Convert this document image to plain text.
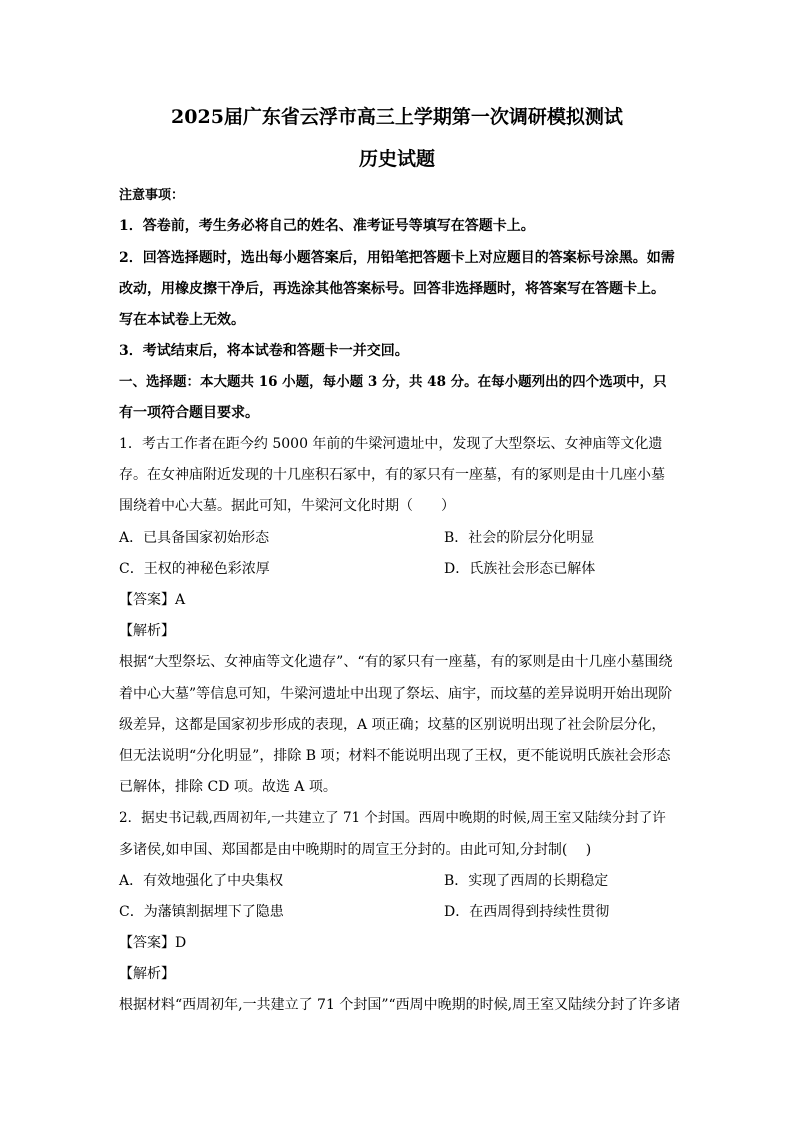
2025届广东省云浮市高三上学期第一次调研模拟测试
历史试题
注意事项：
1．答卷前，考生务必将自己的姓名、准考证号等填写在答题卡上。
2．回答选择题时，选出每小题答案后，用铅笔把答题卡上对应题目的答案标号涂黑。如需
改动，用橡皮擦干净后，再选涂其他答案标号。回答非选择题时，将答案写在答题卡上。
写在本试卷上无效。
3．考试结束后，将本试卷和答题卡一并交回。
一、选择题：本大题共 16 小题，每小题 3 分，共 48 分。在每小题列出的四个选项中，只
有一项符合题目要求。
1．考古工作者在距今约 5000 年前的牛梁河遗址中，发现了大型祭坛、女神庙等文化遗
存。在女神庙附近发现的十几座积石冢中，有的冢只有一座墓，有的冢则是由十几座小墓
围绕着中心大墓。据此可知，牛梁河文化时期（　　）
A．已具备国家初始形态	B．社会的阶层分化明显
C．王权的神秘色彩浓厚	D．氏族社会形态已解体
【答案】A
【解析】
根据“大型祭坛、女神庙等文化遗存”、“有的冢只有一座墓，有的冢则是由十几座小墓围绕
着中心大墓”等信息可知，牛梁河遗址中出现了祭坛、庙宇，而坟墓的差异说明开始出现阶
级差异，这都是国家初步形成的表现，A 项正确；坟墓的区别说明出现了社会阶层分化，
但无法说明“分化明显”，排除 B 项；材料不能说明出现了王权，更不能说明氏族社会形态
已解体，排除 CD 项。故选 A 项。
2．据史书记载,西周初年,一共建立了 71 个封国。西周中晚期的时候,周王室又陆续分封了许
多诸侯,如申国、郑国都是由中晚期时的周宣王分封的。由此可知,分封制(　 )
A．有效地强化了中央集权	B．实现了西周的长期稳定
C．为藩镇割据埋下了隐患	D．在西周得到持续性贯彻
【答案】D
【解析】
根据材料“西周初年,一共建立了 71 个封国”“西周中晚期的时候,周王室又陆续分封了许多诸
